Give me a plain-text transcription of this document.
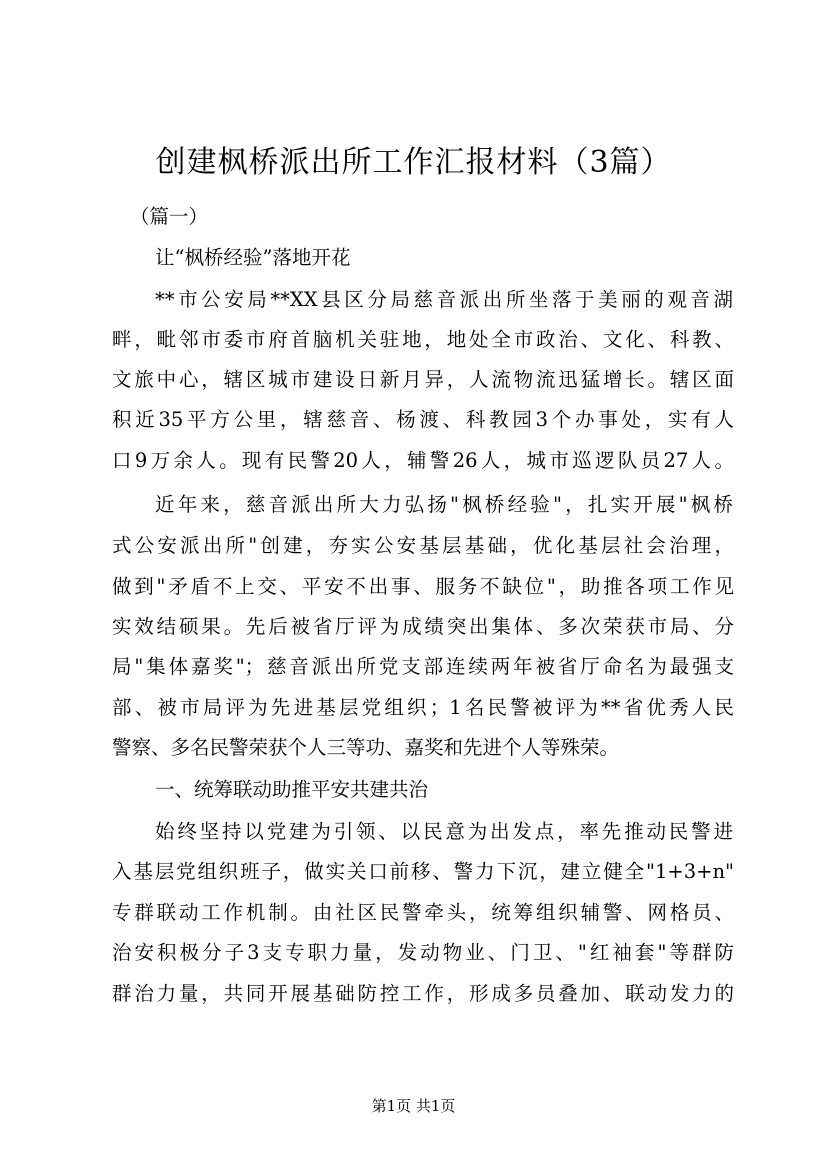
创建枫桥派出所工作汇报材料（3篇）
（篇一）
让“枫桥经验”落地开花
**市公安局**XX县区分局慈音派出所坐落于美丽的观音湖
畔，毗邻市委市府首脑机关驻地，地处全市政治、文化、科教、
文旅中心，辖区城市建设日新月异，人流物流迅猛增长。辖区面
积近35平方公里，辖慈音、杨渡、科教园3个办事处，实有人
口9万余人。现有民警20人，辅警26人，城市巡逻队员27人。
近年来，慈音派出所大力弘扬"枫桥经验"，扎实开展"枫桥
式公安派出所"创建，夯实公安基层基础，优化基层社会治理，
做到"矛盾不上交、平安不出事、服务不缺位"，助推各项工作见
实效结硕果。先后被省厅评为成绩突出集体、多次荣获市局、分
局"集体嘉奖"；慈音派出所党支部连续两年被省厅命名为最强支
部、被市局评为先进基层党组织；1名民警被评为**省优秀人民
警察、多名民警荣获个人三等功、嘉奖和先进个人等殊荣。
一、统筹联动助推平安共建共治
始终坚持以党建为引领、以民意为出发点，率先推动民警进
入基层党组织班子，做实关口前移、警力下沉，建立健全"1+3+n"
专群联动工作机制。由社区民警牵头，统筹组织辅警、网格员、
治安积极分子3支专职力量，发动物业、门卫、"红袖套"等群防
群治力量，共同开展基础防控工作，形成多员叠加、联动发力的
第1页 共1页
